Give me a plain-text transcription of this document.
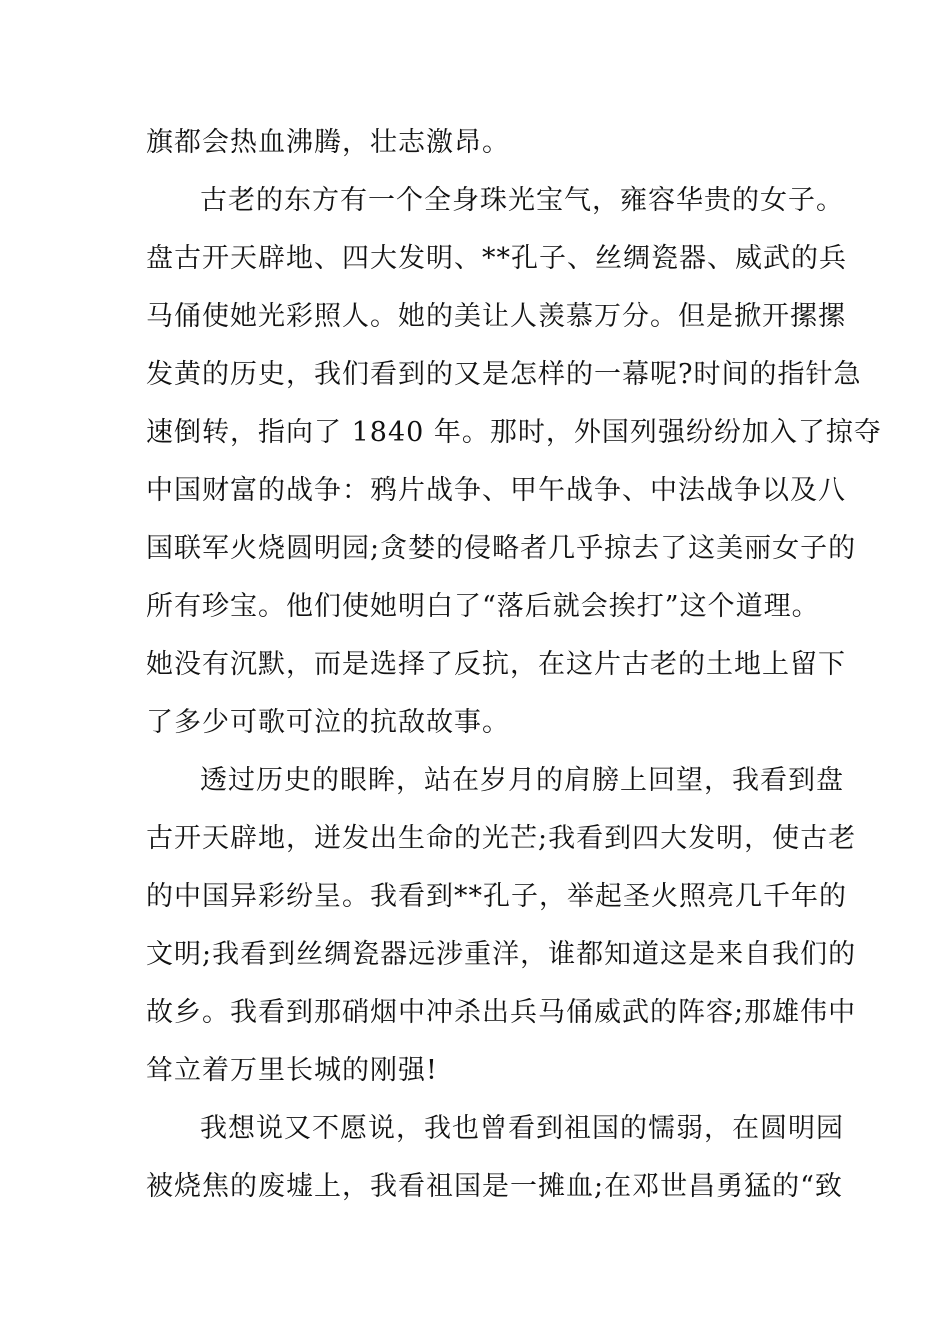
旗都会热血沸腾，壮志激昂。
古老的东方有一个全身珠光宝气，雍容华贵的女子。
盘古开天辟地、四大发明、**孔子、丝绸瓷器、威武的兵
马俑使她光彩照人。她的美让人羡慕万分。但是掀开摞摞
发黄的历史，我们看到的又是怎样的一幕呢?时间的指针急
速倒转，指向了 1840 年。那时，外国列强纷纷加入了掠夺
中国财富的战争：鸦片战争、甲午战争、中法战争以及八
国联军火烧圆明园;贪婪的侵略者几乎掠去了这美丽女子的
所有珍宝。他们使她明白了“落后就会挨打”这个道理。
她没有沉默，而是选择了反抗，在这片古老的土地上留下
了多少可歌可泣的抗敌故事。
透过历史的眼眸，站在岁月的肩膀上回望，我看到盘
古开天辟地，迸发出生命的光芒;我看到四大发明，使古老
的中国异彩纷呈。我看到**孔子，举起圣火照亮几千年的
文明;我看到丝绸瓷器远涉重洋，谁都知道这是来自我们的
故乡。我看到那硝烟中冲杀出兵马俑威武的阵容;那雄伟中
耸立着万里长城的刚强!
我想说又不愿说，我也曾看到祖国的懦弱，在圆明园
被烧焦的废墟上，我看祖国是一摊血;在邓世昌勇猛的“致
